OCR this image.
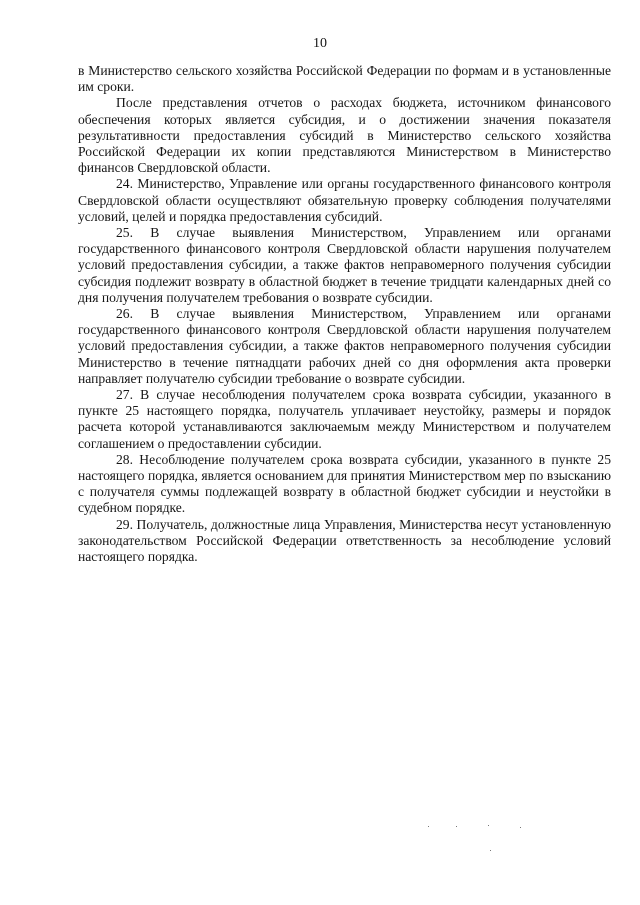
10

в Министерство сельского хозяйства Российской Федерации по формам и в установленные им сроки.

После представления отчетов о расходах бюджета, источником финансового обеспечения которых является субсидия, и о достижении значения показателя результативности предоставления субсидий в Министерство сельского хозяйства Российской Федерации их копии представляются Министерством в Министерство финансов Свердловской области.

24. Министерство, Управление или органы государственного финансового контроля Свердловской области осуществляют обязательную проверку соблюдения получателями условий, целей и порядка предоставления субсидий.

25. В случае выявления Министерством, Управлением или органами государственного финансового контроля Свердловской области нарушения получателем условий предоставления субсидии, а также фактов неправомерного получения субсидии субсидия подлежит возврату в областной бюджет в течение тридцати календарных дней со дня получения получателем требования о возврате субсидии.

26. В случае выявления Министерством, Управлением или органами государственного финансового контроля Свердловской области нарушения получателем условий предоставления субсидии, а также фактов неправомерного получения субсидии Министерство в течение пятнадцати рабочих дней со дня оформления акта проверки направляет получателю субсидии требование о возврате субсидии.

27. В случае несоблюдения получателем срока возврата субсидии, указанного в пункте 25 настоящего порядка, получатель уплачивает неустойку, размеры и порядок расчета которой устанавливаются заключаемым между Министерством и получателем соглашением о предоставлении субсидии.

28. Несоблюдение получателем срока возврата субсидии, указанного в пункте 25 настоящего порядка, является основанием для принятия Министерством мер по взысканию с получателя суммы подлежащей возврату в областной бюджет субсидии и неустойки в судебном порядке.

29. Получатель, должностные лица Управления, Министерства несут установленную законодательством Российской Федерации ответственность за несоблюдение условий настоящего порядка.
